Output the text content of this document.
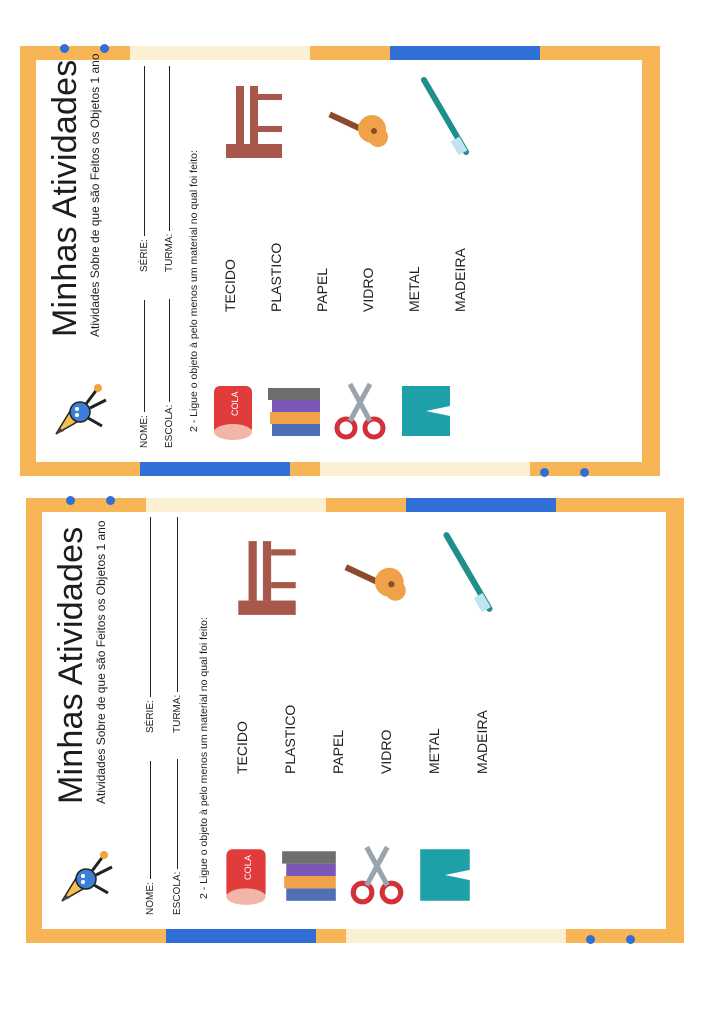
Minhas Atividades Atividades Sobre de que são Feitos os Objetos 1 ano
NOME:
SÉRIE:
ESCOLA:
TURMA: 2 - Ligue o objeto à pelo menos um material no qual foi feito:	COLA
TECIDO PLASTICO PAPEL VIDRO METAL MADEIRA
Minhas Atividades Atividades Sobre de que são Feitos os Objetos 1 ano
NOME:
SÉRIE:
ESCOLA:
TURMA: 2 - Ligue o objeto à pelo menos um material no qual foi feito:	COLA
TECIDO PLASTICO PAPEL VIDRO METAL MADEIRA
